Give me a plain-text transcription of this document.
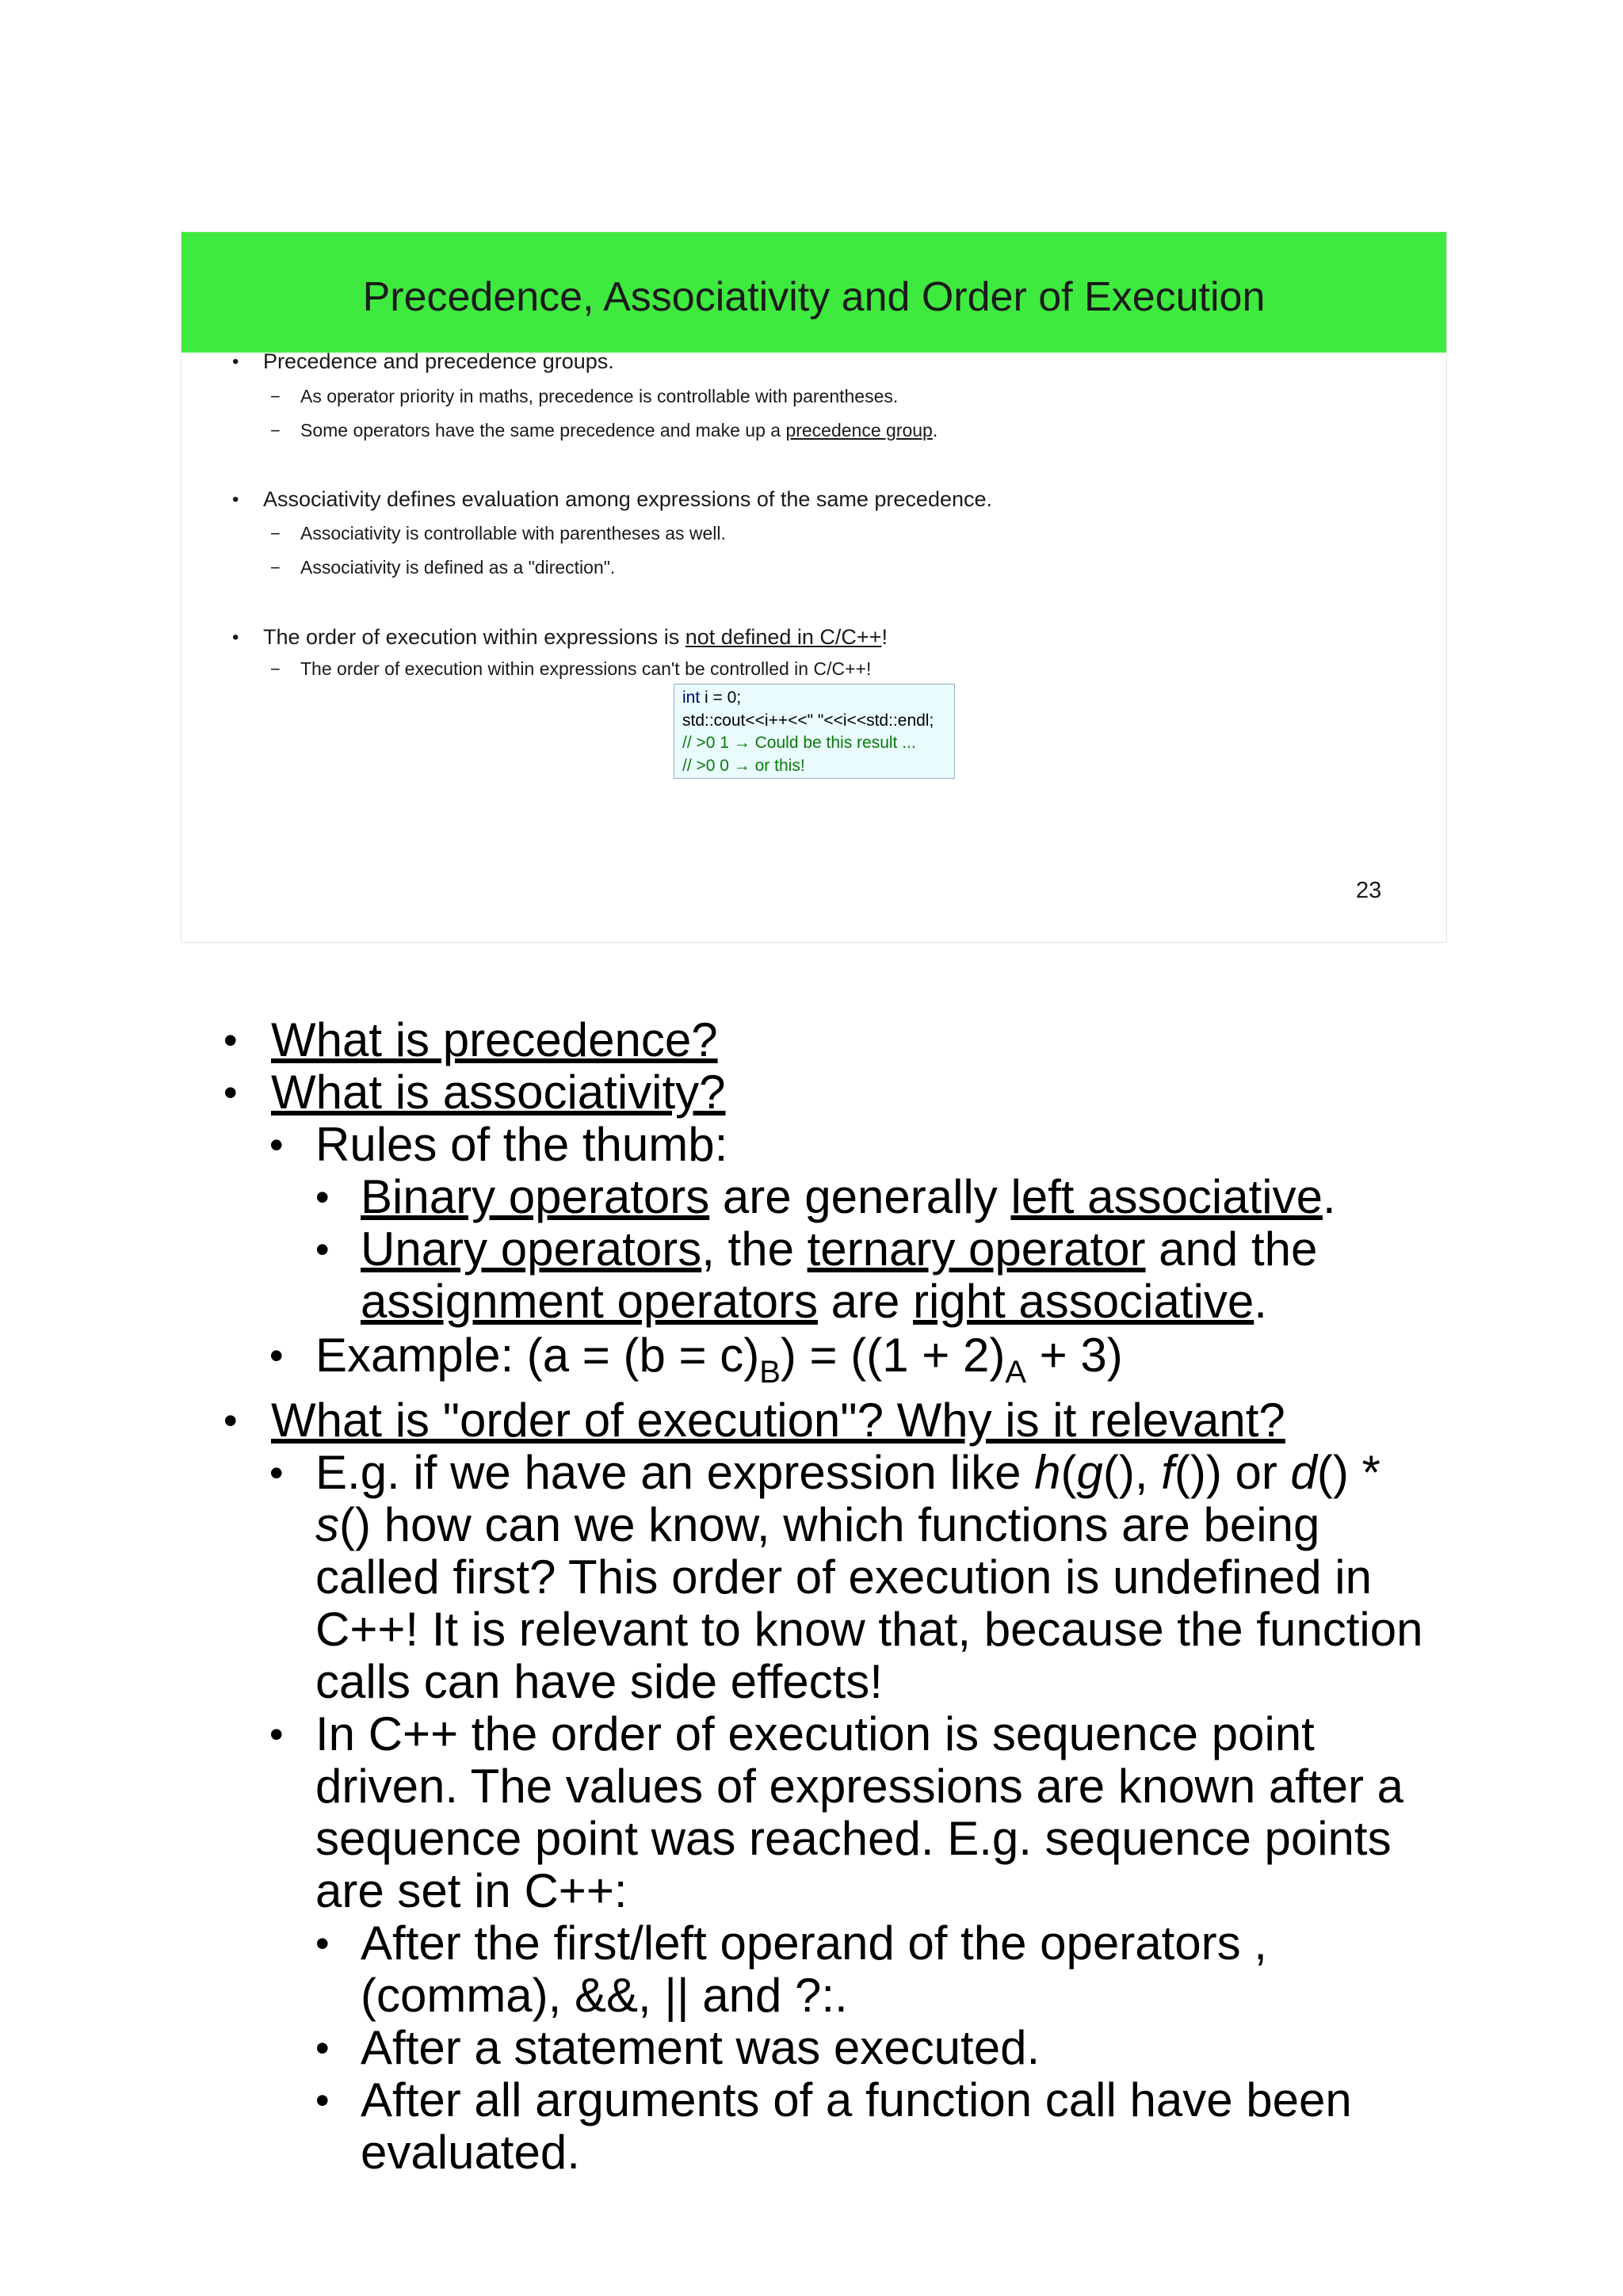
Precedence, Associativity and Order of Execution
• Precedence and precedence groups.
− As operator priority in maths, precedence is controllable with parentheses.
− Some operators have the same precedence and make up a precedence group.
• Associativity defines evaluation among expressions of the same precedence.
− Associativity is controllable with parentheses as well.
− Associativity is defined as a "direction".
• The order of execution within expressions is not defined in C/C++!
− The order of execution within expressions can't be controlled in C/C++!
int i = 0;
std::cout<<i++<<" "<<i<<std::endl;
// >0 1 → Could be this result ...
// >0 0 → or this!
23
• What is precedence?
• What is associativity?
• Rules of the thumb:
• Binary operators are generally left associative.
• Unary operators, the ternary operator and the
assignment operators are right associative.
• Example: $(a = (b = c)_B) = ((1 + 2)_A + 3)$
• What is "order of execution"? Why is it relevant?
• E.g. if we have an expression like h(g(), f()) or d() *
s() how can we know, which functions are being
called first? This order of execution is undefined in
C++! It is relevant to know that, because the function
calls can have side effects!
• In C++ the order of execution is sequence point
driven. The values of expressions are known after a
sequence point was reached. E.g. sequence points
are set in C++:
• After the first/left operand of the operators ,
(comma), &&, || and ?:.
• After a statement was executed.
• After all arguments of a function call have been
evaluated.
